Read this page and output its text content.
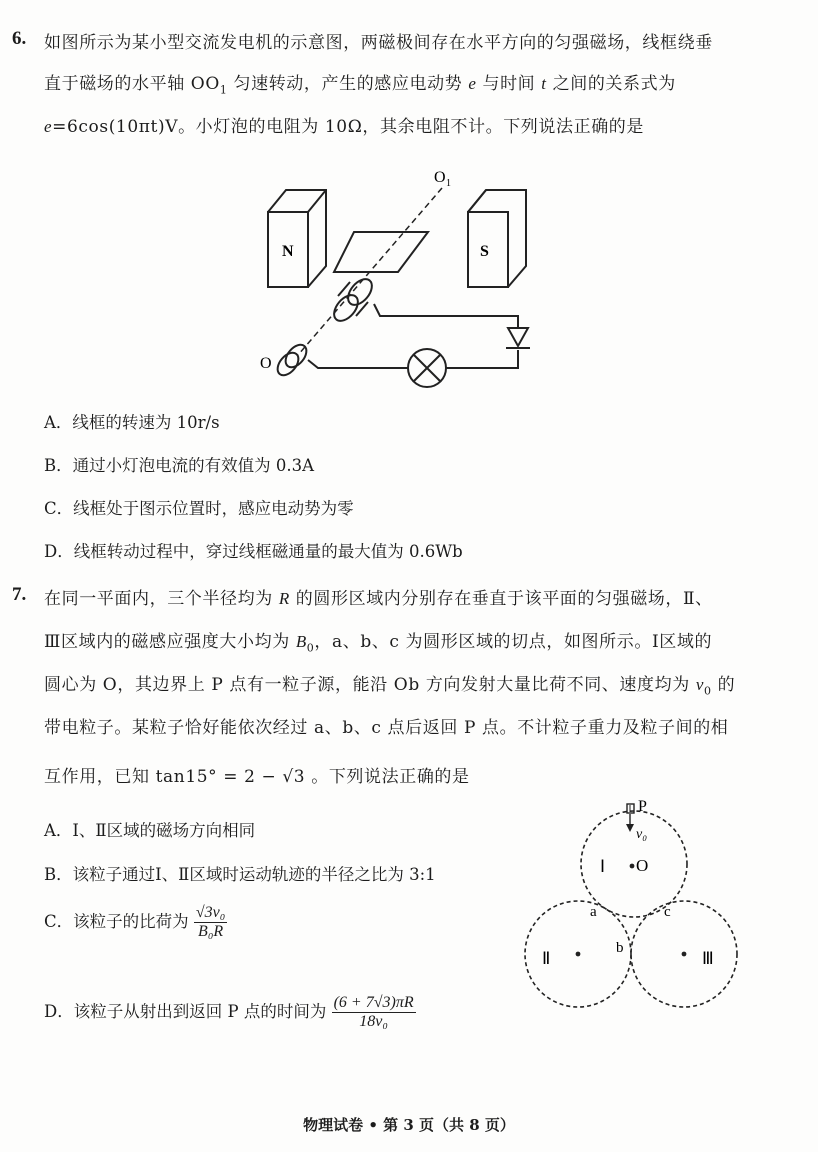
6. 如图所示为某小型交流发电机的示意图，两磁极间存在水平方向的匀强磁场，线框绕垂
直于磁场的水平轴 $OO_1$ 匀速转动，产生的感应电动势 e 与时间 t 之间的关系式为
e=6cos(10πt)V。小灯泡的电阻为 10Ω，其余电阻不计。下列说法正确的是
N	S
O
O 1
A．线框的转速为 10r/s
B．通过小灯泡电流的有效值为 0.3A
C．线框处于图示位置时，感应电动势为零
D．线框转动过程中，穿过线框磁通量的最大值为 0.6Wb
7. 在同一平面内，三个半径均为 R 的圆形区域内分别存在垂直于该平面的匀强磁场，Ⅱ、
Ⅲ区域内的磁感应强度大小均为 $B_0$，a、b、c 为圆形区域的切点，如图所示。Ⅰ区域的
圆心为 O，其边界上 P 点有一粒子源，能沿 Ob 方向发射大量比荷不同、速度均为 $v_0$ 的
带电粒子。某粒子恰好能依次经过 a、b、c 点后返回 P 点。不计粒子重力及粒子间的相
互作用，已知 tan15° = 2 − √3 。下列说法正确的是
A．Ⅰ、Ⅱ区域的磁场方向相同
B．该粒子通过Ⅰ、Ⅱ区域时运动轨迹的半径之比为 3:1
C．该粒子的比荷为 $\frac{\text{√3v₀}}{\text{B₀R}}$
D．该粒子从射出到返回 P 点的时间为 $\frac{(6 + 7√3)\pi R}{\text{18v₀}}$
P
v₀
Ⅰ O
a
b
c
Ⅱ	Ⅲ
物理试卷 • 第 3 页（共 8 页）
